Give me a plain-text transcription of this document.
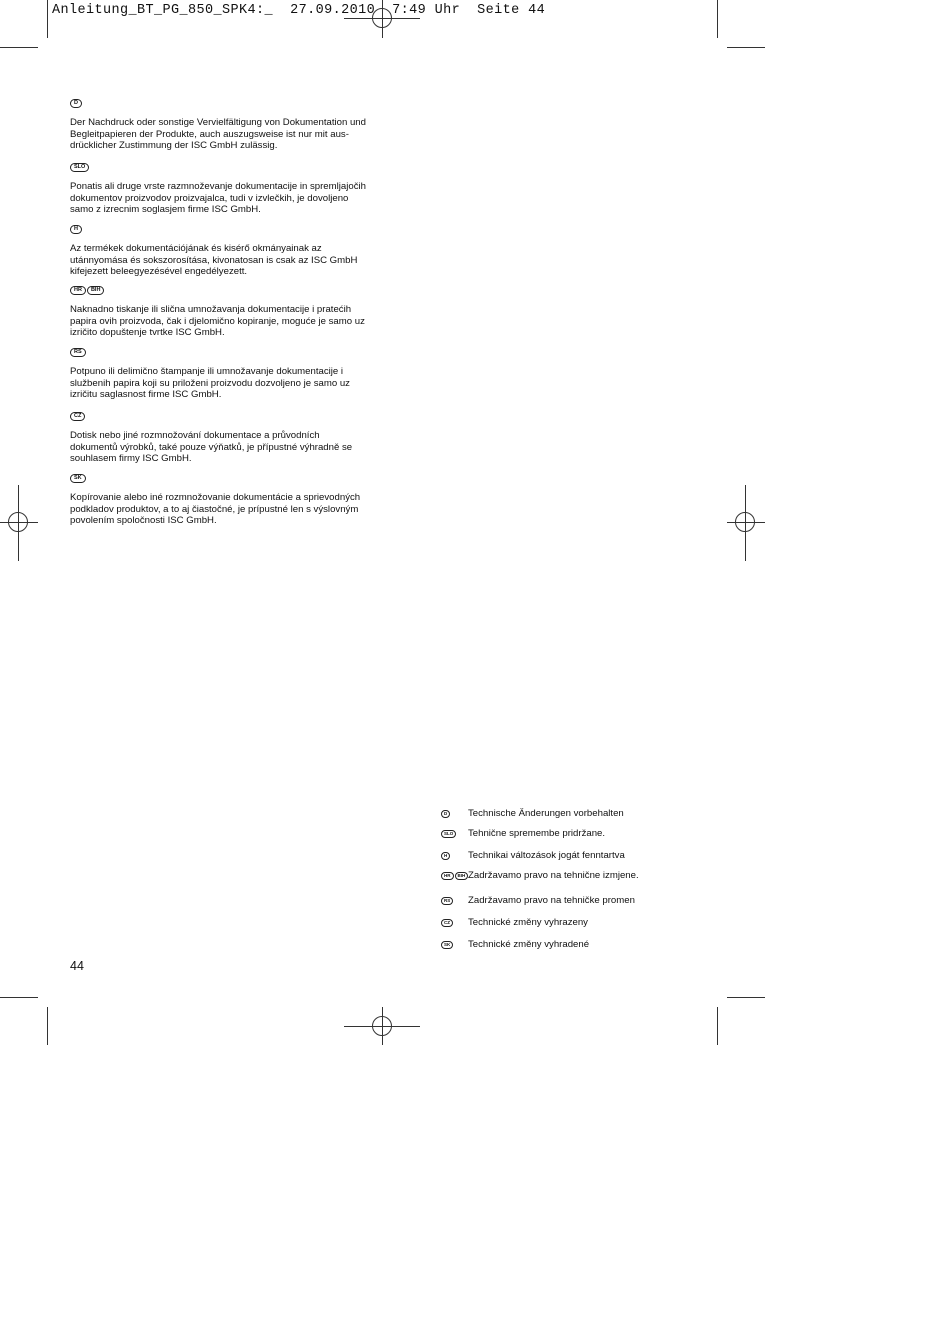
Anleitung_BT_PG_850_SPK4:_ 27.09.2010 7:49 Uhr Seite 44
D
Der Nachdruck oder sonstige Vervielfältigung von Dokumentation und
Begleitpapieren der Produkte, auch auszugsweise ist nur mit aus-
drücklicher Zustimmung der ISC GmbH zulässig.
SLO
Ponatis ali druge vrste razmnoževanje dokumentacije in spremljajočih
dokumentov proizvodov proizvajalca, tudi v izvlečkih, je dovoljeno
samo z izrecnim soglasjem firme ISC GmbH.
H
Az termékek dokumentációjának és kisérő okmányainak az
utánnyomása és sokszorosítása, kivonatosan is csak az ISC GmbH
kifejezett beleegyezésével engedélyezett.
HR BIH
Naknadno tiskanje ili slična umnožavanja dokumentacije i pratećih
papira ovih proizvoda, čak i djelomično kopiranje, moguće je samo uz
izričito dopuštenje tvrtke ISC GmbH.
RS
Potpuno ili delimično štampanje ili umnožavanje dokumentacije i
službenih papira koji su priloženi proizvodu dozvoljeno je samo uz
izričitu saglasnost firme ISC GmbH.
CZ
Dotisk nebo jiné rozmnožování dokumentace a průvodních
dokumentů výrobků, také pouze výňatků, je přípustné výhradně se
souhlasem firmy ISC GmbH.
SK
Kopírovanie alebo iné rozmnožovanie dokumentácie a sprievodných
podkladov produktov, a to aj čiastočné, je prípustné len s výslovným
povolením spoločnosti ISC GmbH.
D	Technische Änderungen vorbehalten
SLO	Tehnične spremembe pridržane.
H	Technikai változások jogát fenntartva
HR BIH Zadržavamo pravo na tehnične izmjene.
RS	Zadržavamo pravo na tehničke promen
CZ	Technické změny vyhrazeny
SK	Technické změny vyhradené
44
